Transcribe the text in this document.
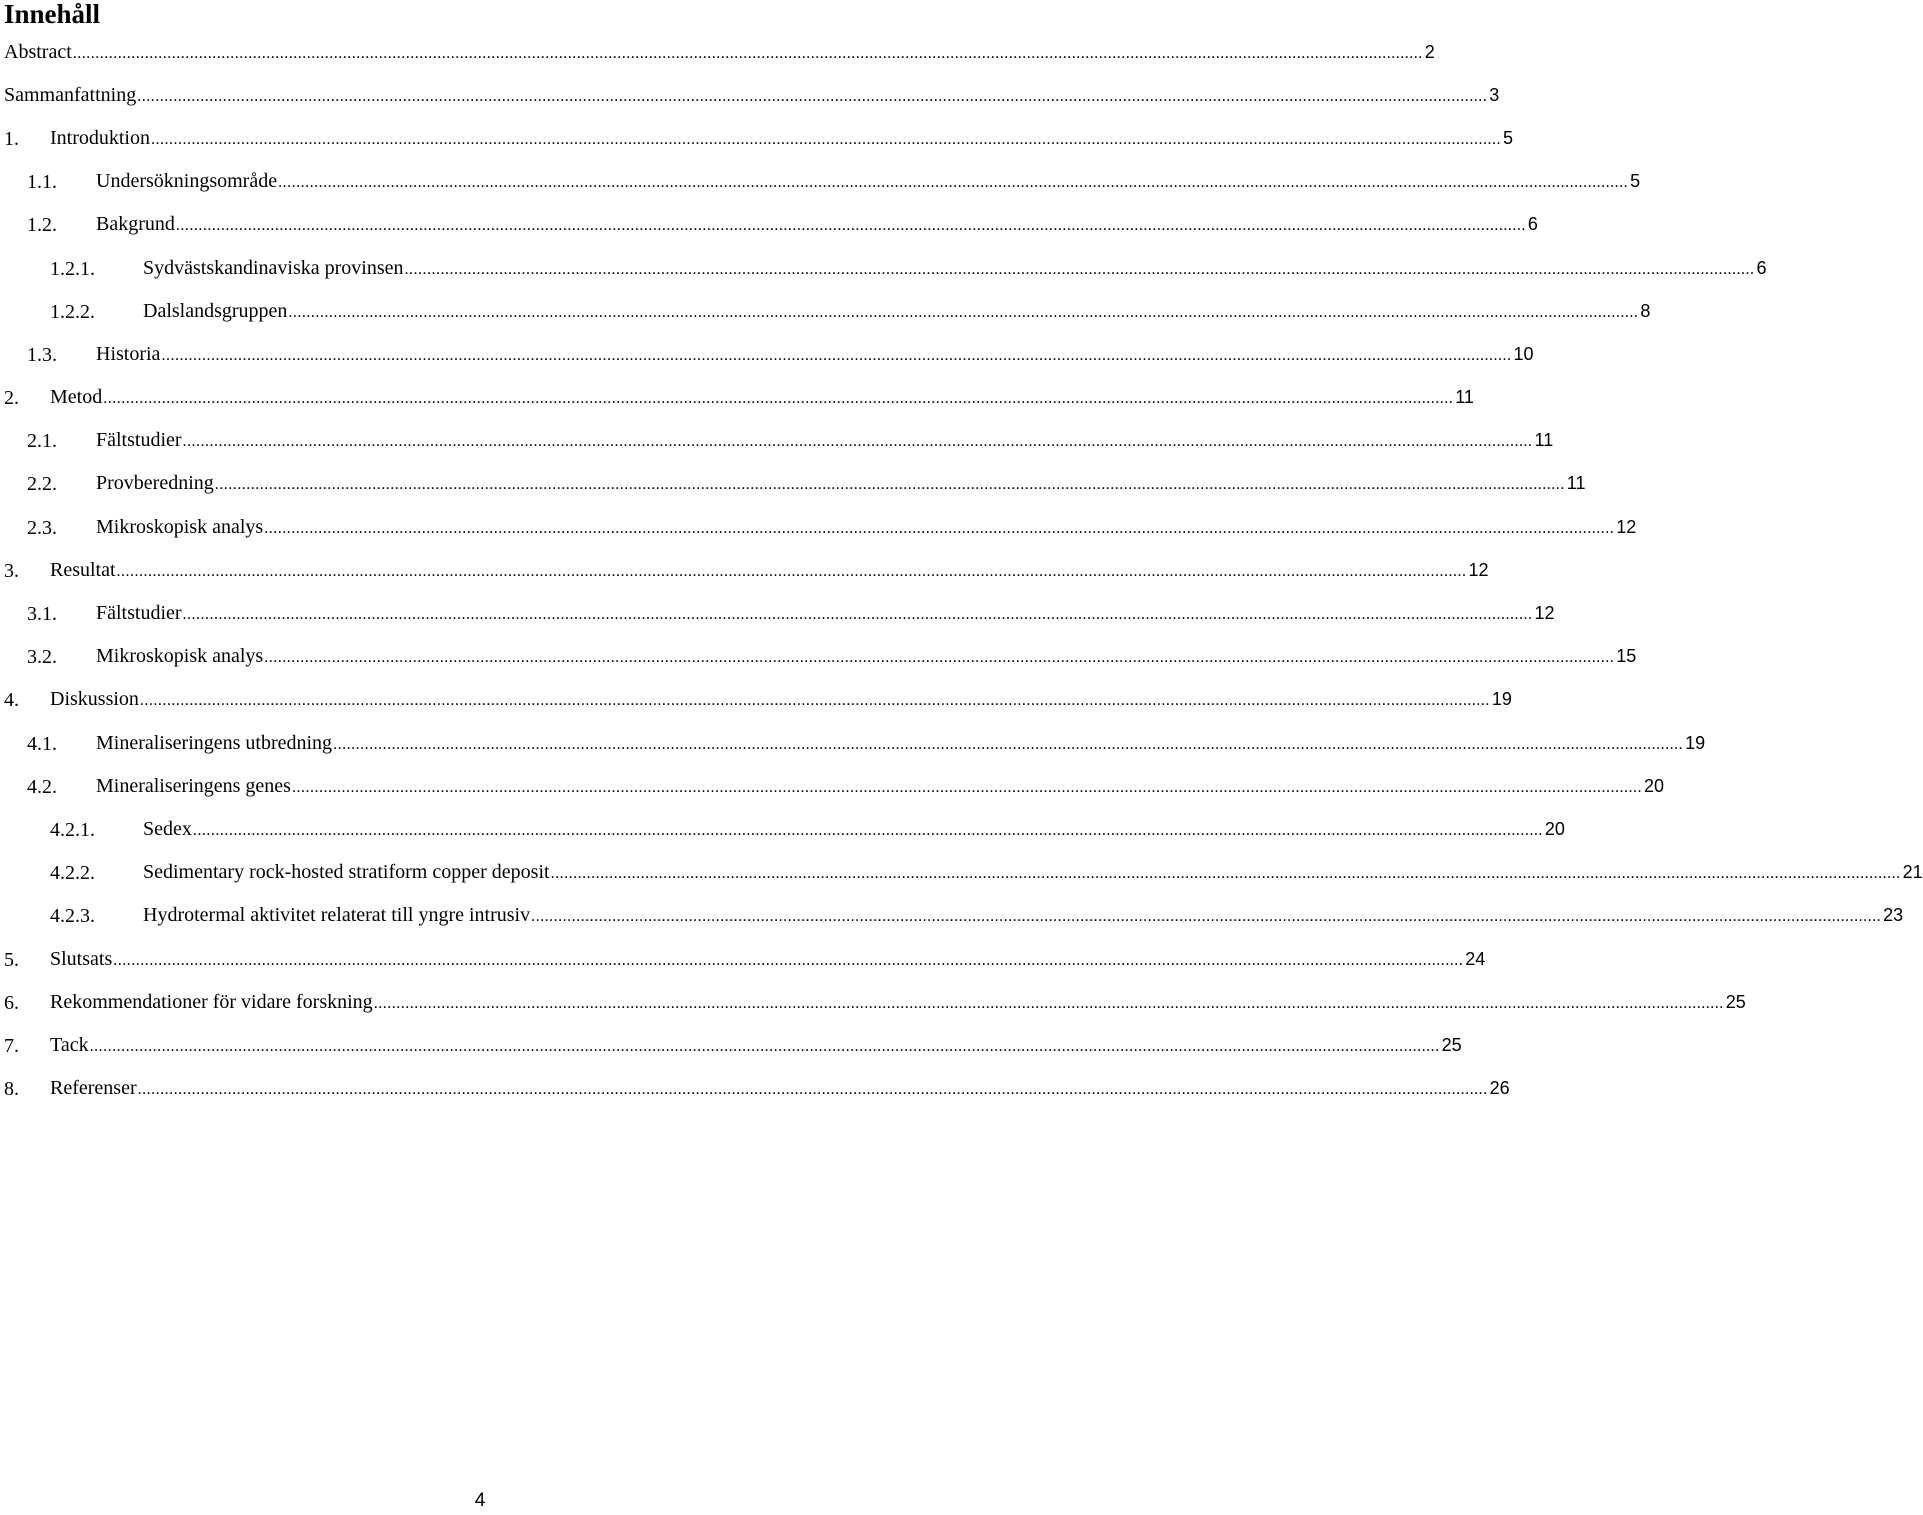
Innehåll
Abstract ............................................................................................................................................................................................................................................................................................................ 2
Sammanfattning ............................................................................................................................................................................................................................................................................................................ 3
1. Introduktion ............................................................................................................................................................................................................................................................................................................ 5
1.1. Undersökningsområde ............................................................................................................................................................................................................................................................................................................ 5
1.2. Bakgrund ............................................................................................................................................................................................................................................................................................................ 6
1.2.1. Sydvästskandinaviska provinsen ............................................................................................................................................................................................................................................................................................................ 6
1.2.2. Dalslandsgruppen ............................................................................................................................................................................................................................................................................................................ 8
1.3. Historia ............................................................................................................................................................................................................................................................................................................ 10
2. Metod ............................................................................................................................................................................................................................................................................................................ 11
2.1. Fältstudier ............................................................................................................................................................................................................................................................................................................ 11
2.2. Provberedning ............................................................................................................................................................................................................................................................................................................ 11
2.3. Mikroskopisk analys ............................................................................................................................................................................................................................................................................................................ 12
3. Resultat ............................................................................................................................................................................................................................................................................................................ 12
3.1. Fältstudier ............................................................................................................................................................................................................................................................................................................ 12
3.2. Mikroskopisk analys ............................................................................................................................................................................................................................................................................................................ 15
4. Diskussion ............................................................................................................................................................................................................................................................................................................ 19
4.1. Mineraliseringens utbredning ............................................................................................................................................................................................................................................................................................................ 19
4.2. Mineraliseringens genes ............................................................................................................................................................................................................................................................................................................ 20
4.2.1. Sedex ............................................................................................................................................................................................................................................................................................................ 20
4.2.2. Sedimentary rock-hosted stratiform copper deposit ............................................................................................................................................................................................................................................................................................................ 21
4.2.3. Hydrotermal aktivitet relaterat till yngre intrusiv ............................................................................................................................................................................................................................................................................................................ 23
5. Slutsats ............................................................................................................................................................................................................................................................................................................ 24
6. Rekommendationer för vidare forskning ............................................................................................................................................................................................................................................................................................................ 25
7. Tack ............................................................................................................................................................................................................................................................................................................ 25
8. Referenser ............................................................................................................................................................................................................................................................................................................ 26

4
